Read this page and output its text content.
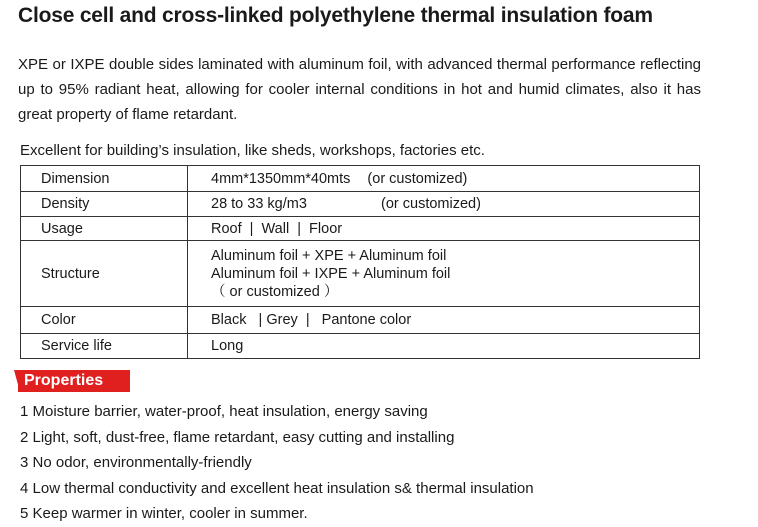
Close cell and cross-linked polyethylene thermal insulation foam

XPE or IXPE double sides laminated with aluminum foil, with advanced thermal performance reflecting up to 95% radiant heat, allowing for cooler internal conditions in hot and humid climates, also it has great property of flame retardant.

Excellent for building’s insulation, like sheds, workshops, factories etc.

Dimension	4mm*1350mm*40mts (or customized)
Density	28 to 33 kg/m3 (or customized)
Usage	Roof  |  Wall  |  Floor
Structure	Aluminum foil + XPE + Aluminum foil
Aluminum foil + IXPE + Aluminum foil
（ or customized ）

Color	Black   | Grey  |   Pantone color
Service life	Long
Properties
1 Moisture barrier, water-proof, heat insulation, energy saving
2 Light, soft, dust-free, flame retardant, easy cutting and installing
3 No odor, environmentally-friendly
4 Low thermal conductivity and excellent heat insulation s& thermal insulation
5 Keep warmer in winter, cooler in summer.
